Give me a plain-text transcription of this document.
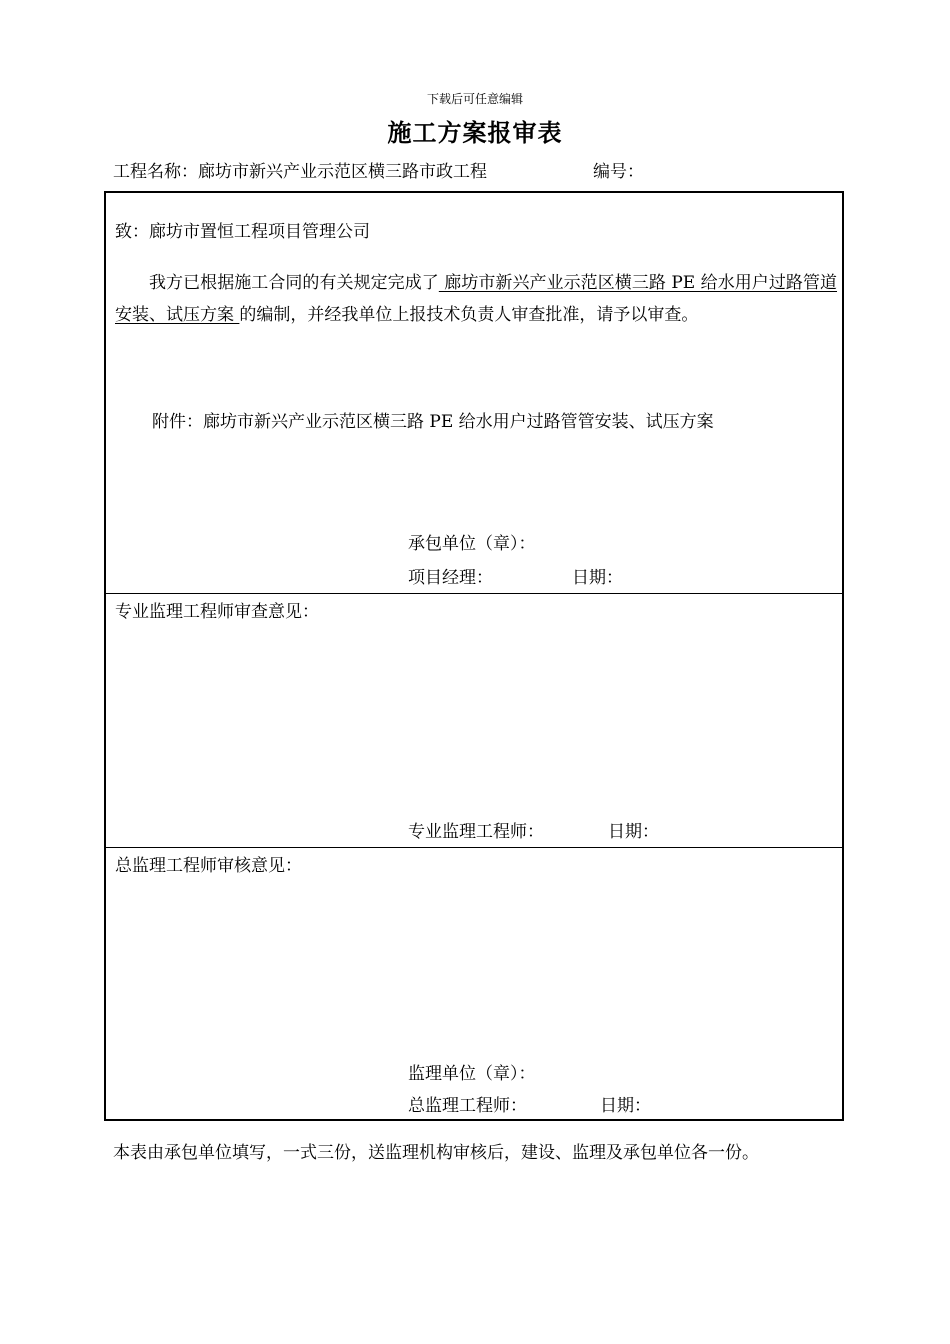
下载后可任意编辑
施工方案报审表
工程名称：廊坊市新兴产业示范区横三路市政工程	编号：
致：廊坊市置恒工程项目管理公司
我方已根据施工合同的有关规定完成了 廊坊市新兴产业示范区横三路 PE 给水用户过路管道安装、试压方案 的编制，并经我单位上报技术负责人审查批准，请予以审查。
附件：廊坊市新兴产业示范区横三路 PE 给水用户过路管管安装、试压方案
承包单位（章）：
项目经理：	日期：
专业监理工程师审查意见：
专业监理工程师：	日期：
总监理工程师审核意见：
监理单位（章）：
总监理工程师：	日期：
本表由承包单位填写，一式三份，送监理机构审核后，建设、监理及承包单位各一份。
